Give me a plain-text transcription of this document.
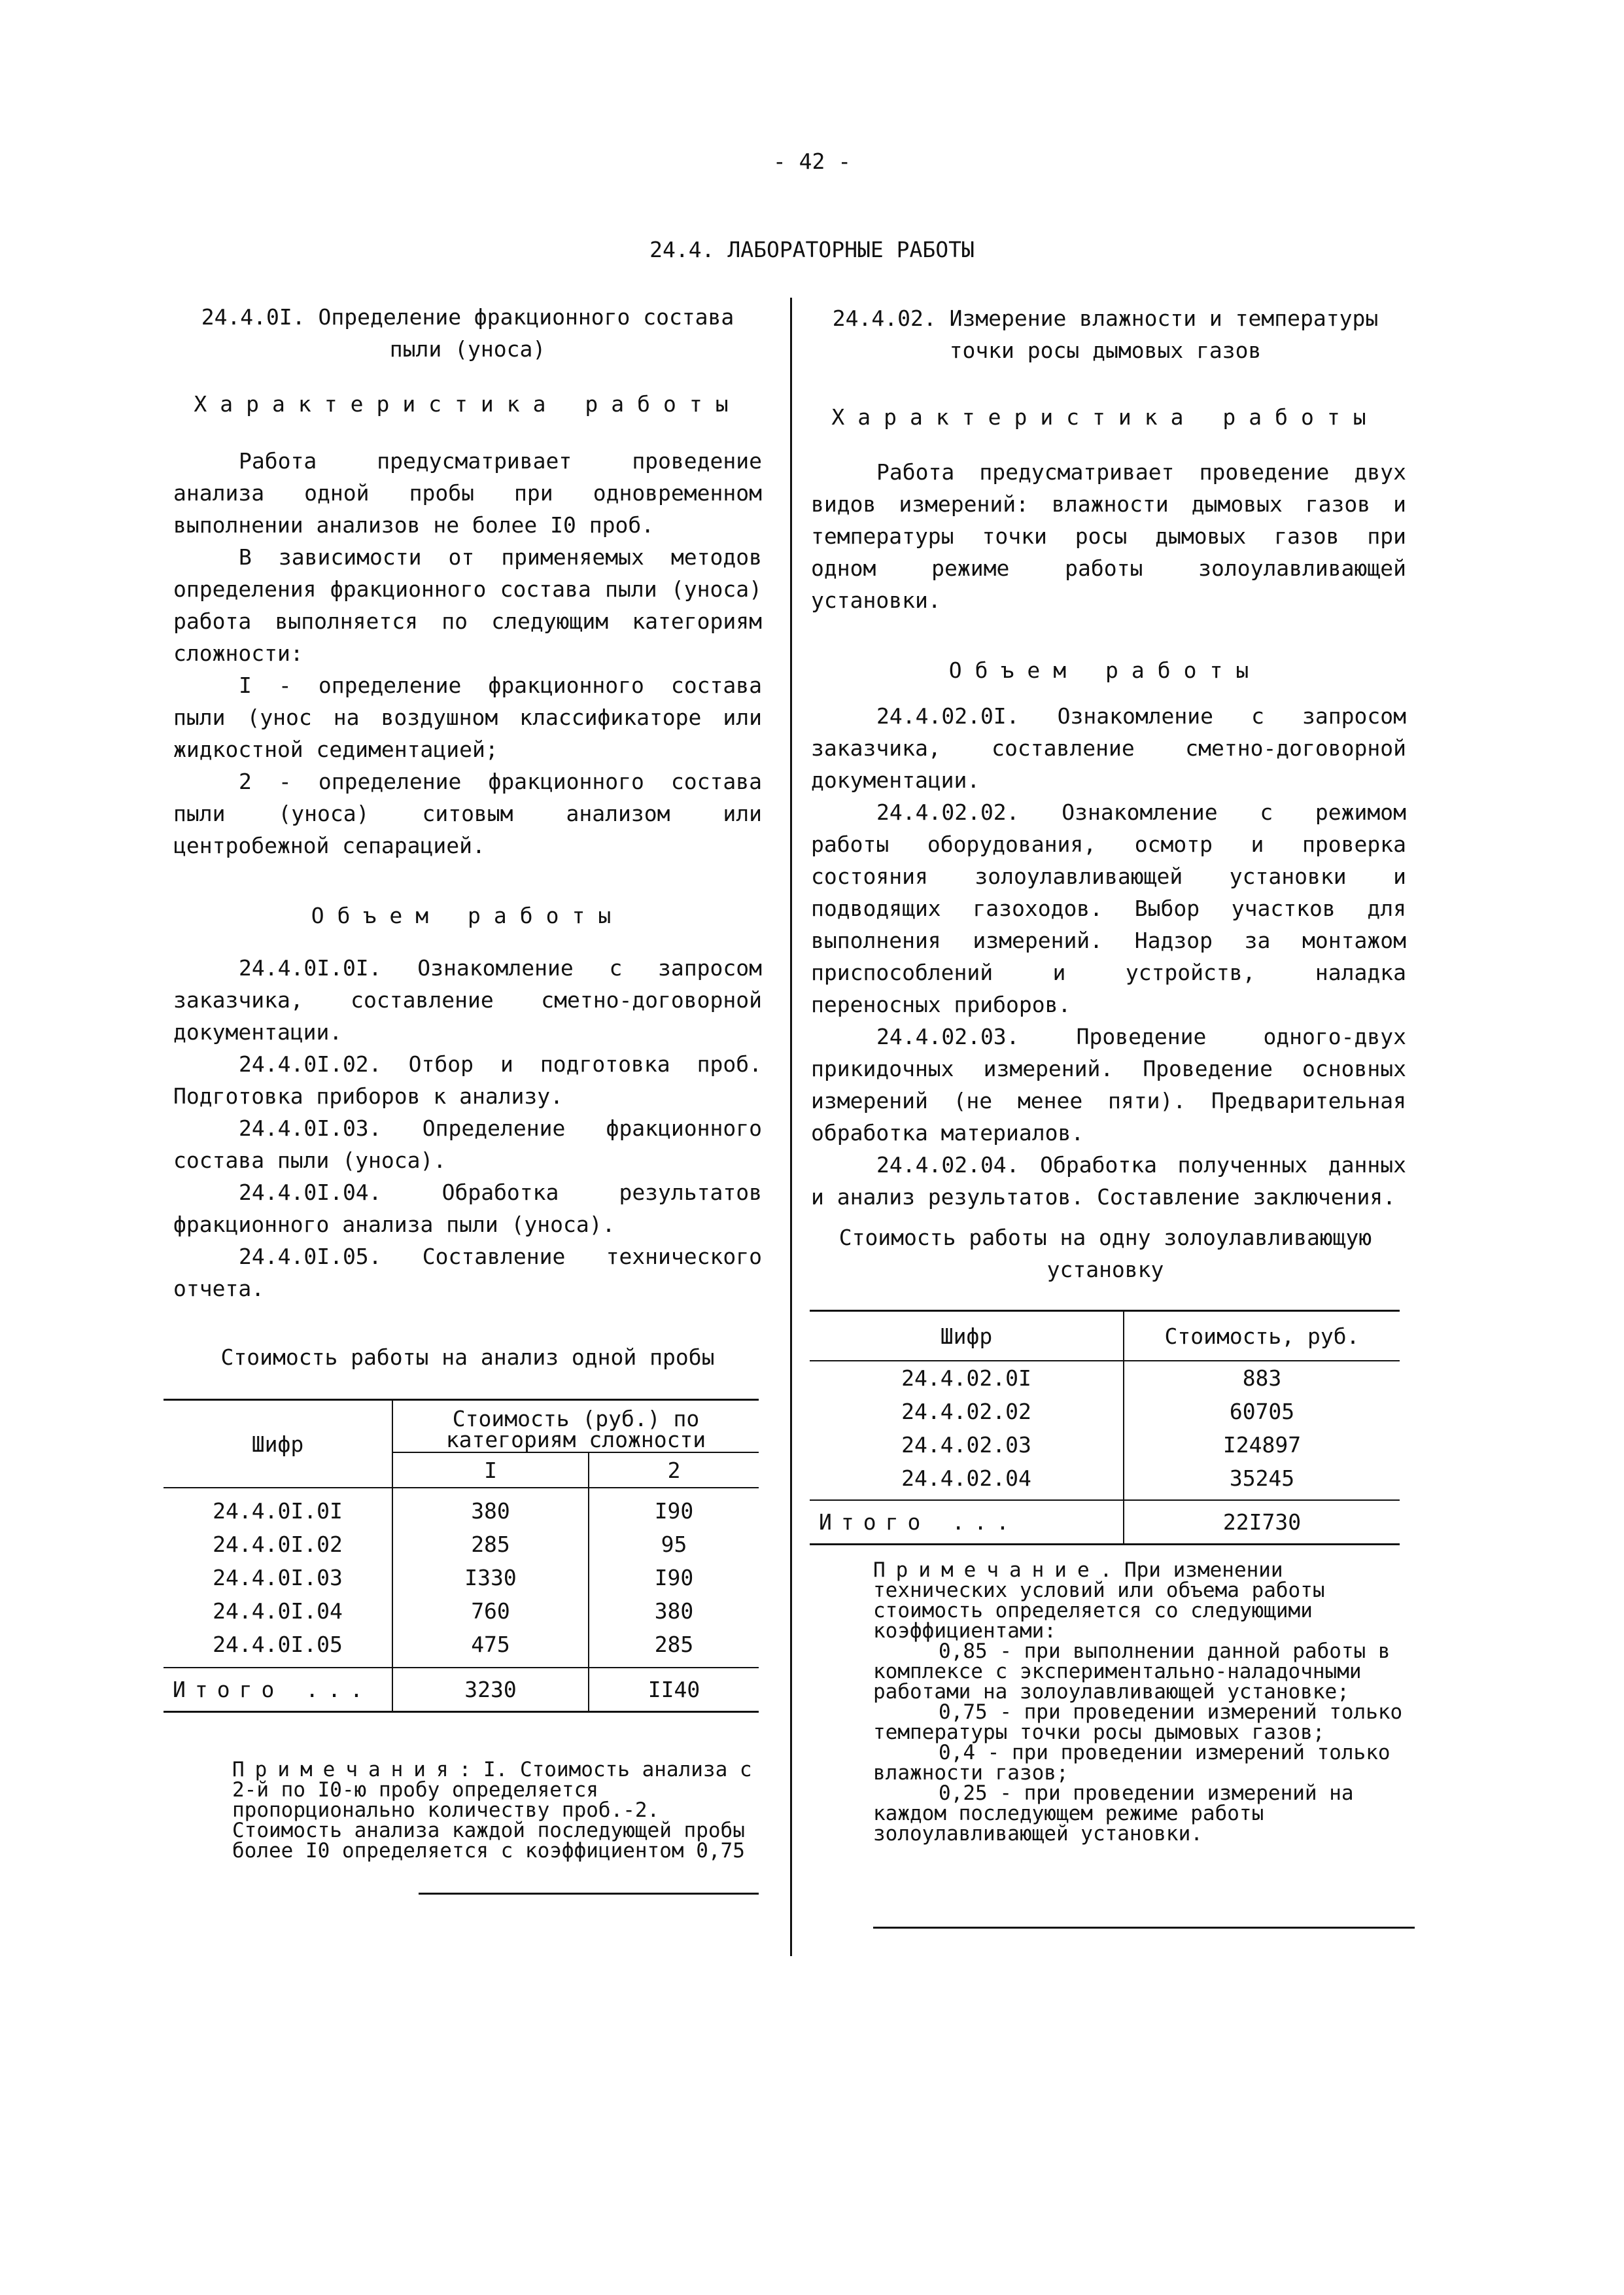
- 42 -
24.4. ЛАБОРАТОРНЫЕ РАБОТЫ
24.4.0I. Определение фракционного состава пыли (уноса)
Характеристика работы

Работа предусматривает проведение анализа одной пробы при одновременном выполнении анализов не более I0 проб.

В зависимости от применяемых методов определения фракционного состава пыли (уноса) работа выполняется по следующим категориям сложности:

I - определение фракционного состава пыли (унос на воздушном классификаторе или жидкостной седиментацией;

2 - определение фракционного состава пыли (уноса) ситовым анализом или центробежной сепарацией.

Объем работы

24.4.0I.0I. Ознакомление с запросом заказчика, составление сметно-договорной документации.

24.4.0I.02. Отбор и подготовка проб. Подготовка приборов к анализу.

24.4.0I.03. Определение фракционного состава пыли (уноса).

24.4.0I.04. Обработка результатов фракционного анализа пыли (уноса).

24.4.0I.05. Составление технического отчета.

Стоимость работы на анализ одной пробы
Шифр	Стоимость (руб.) по категориям сложности	
	I	2
24.4.0I.0I	380	I90
24.4.0I.02	285	95
24.4.0I.03	I330	I90
24.4.0I.04	760	380
24.4.0I.05	475	285
Итого ...	3230	II40
Примечания: I. Стоимость анализа с 2-й по I0-ю пробу определяется пропорционально количеству проб.-2. Стоимость анализа каждой последующей пробы более I0 определяется с коэффициентом 0,75
24.4.02. Измерение влажности и температуры точки росы дымовых газов
Характеристика работы

Работа предусматривает проведение двух видов измерений: влажности дымовых газов и температуры точки росы дымовых газов при одном режиме работы золоулавливающей установки.

Объем работы

24.4.02.0I. Ознакомление с запросом заказчика, составление сметно-договорной документации.

24.4.02.02. Ознакомление с режимом работы оборудования, осмотр и проверка состояния золоулавливающей установки и подводящих газоходов. Выбор участков для выполнения измерений. Надзор за монтажом приспособлений и устройств, наладка переносных приборов.

24.4.02.03. Проведение одного-двух прикидочных измерений. Проведение основных измерений (не менее пяти). Предварительная обработка материалов.

24.4.02.04. Обработка полученных данных и анализ результатов. Составление заключения.

Стоимость работы на одну золоулавливающую установку
Шифр	Стоимость, руб.
24.4.02.0I	883
24.4.02.02	60705
24.4.02.03	I24897
24.4.02.04	35245
Итого ...	22I730
Примечание. При изменении технических условий или объема работы стоимость определяется со следующими коэффициентами:
0,85 - при выполнении данной работы в комплексе с экспериментально-наладочными работами на золоулавливающей установке;
0,75 - при проведении измерений только температуры точки росы дымовых газов;
0,4 - при проведении измерений только влажности газов;
0,25 - при проведении измерений на каждом последующем режиме работы золоулавливающей установки.
